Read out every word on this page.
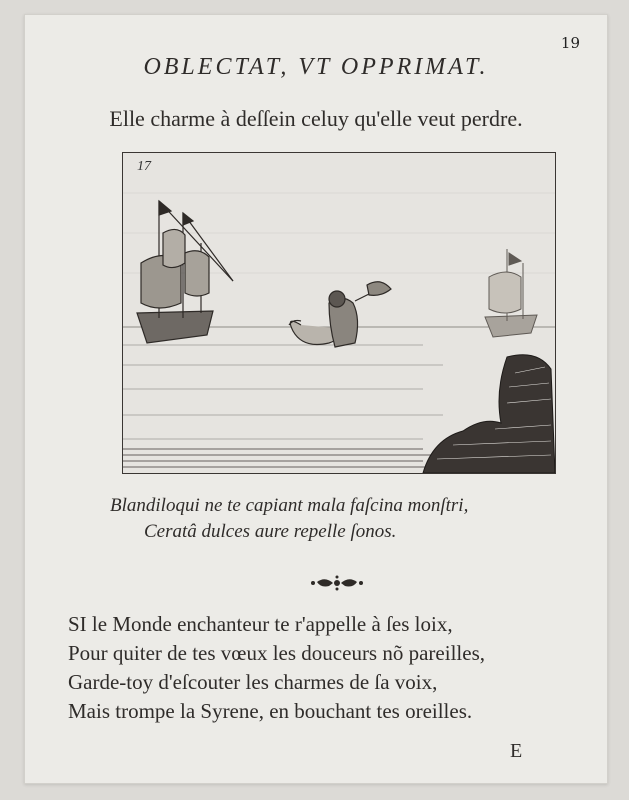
19
OBLECTAT, VT OPPRIMAT.
Elle charme à deſſein celuy qu'elle veut perdre.
17
Blandiloqui ne te capiant mala faſcina monſtri,
Ceratâ dulces aure repelle ſonos.
SI le Monde enchanteur te r'appelle à ſes loix,
Pour quiter de tes vœux les douceurs nõ pareilles,
Garde-toy d'eſcouter les charmes de ſa voix,
Mais trompe la Syrene, en bouchant tes oreilles.
E
